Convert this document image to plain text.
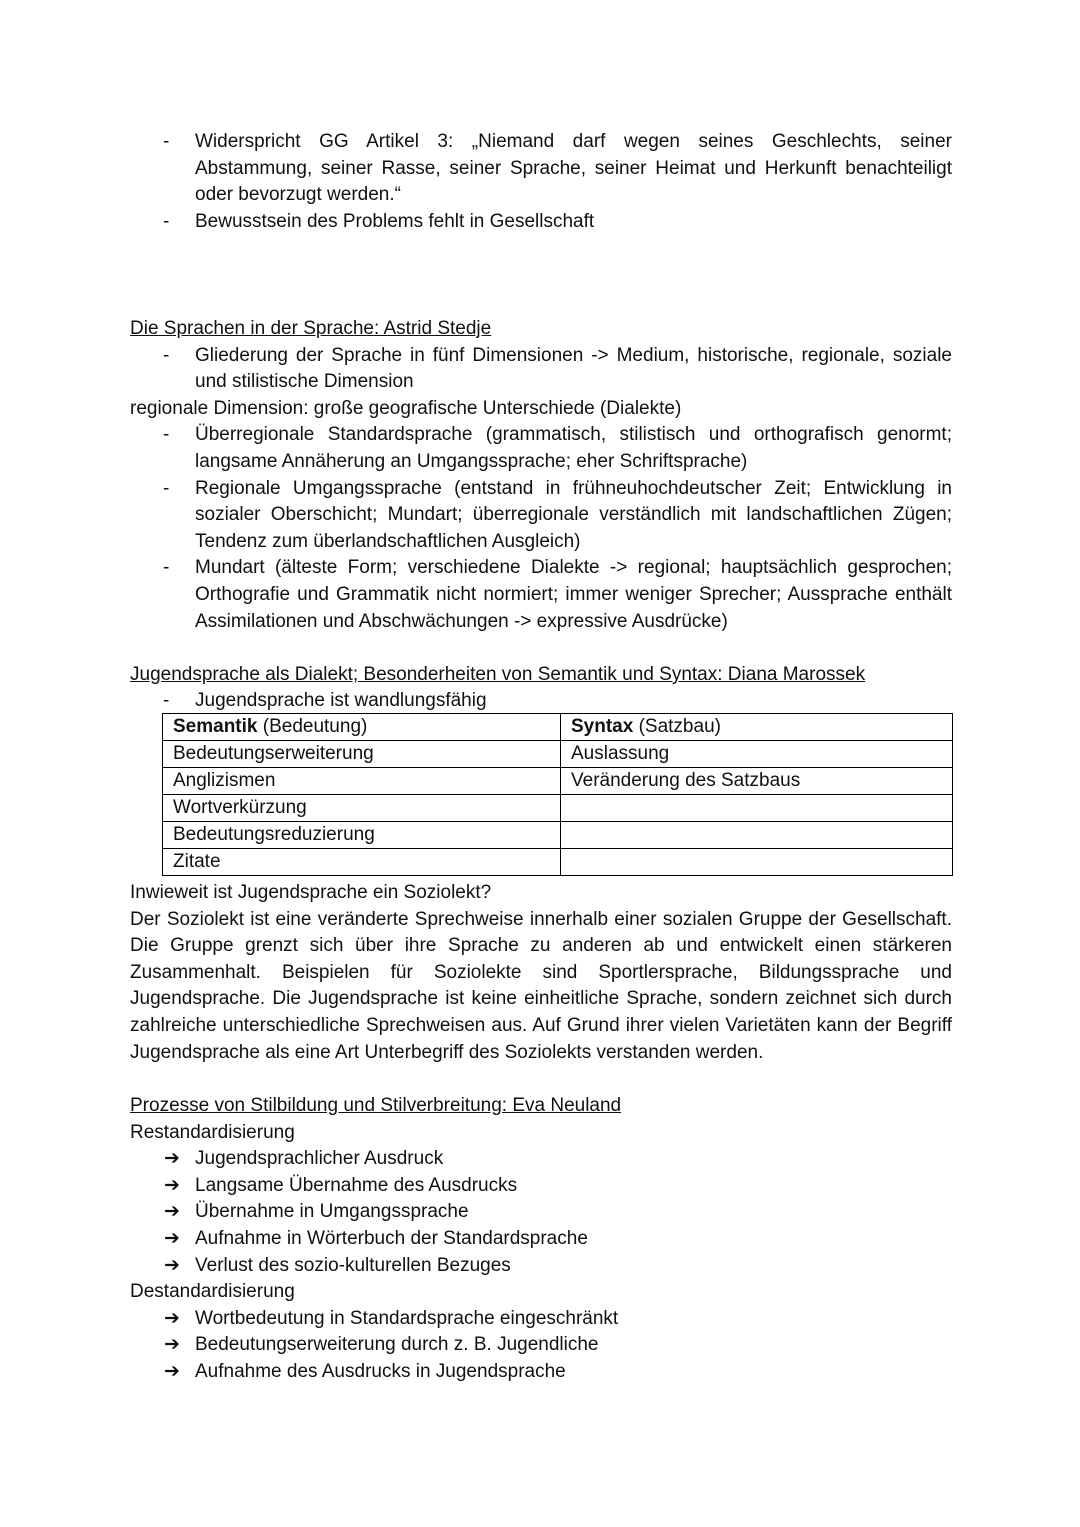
- Widerspricht GG Artikel 3: „Niemand darf wegen seines Geschlechts, seiner Abstammung, seiner Rasse, seiner Sprache, seiner Heimat und Herkunft benachteiligt oder bevorzugt werden.“
- Bewusstsein des Problems fehlt in Gesellschaft

Die Sprachen in der Sprache: Astrid Stedje

- Gliederung der Sprache in fünf Dimensionen -> Medium, historische, regionale, soziale und stilistische Dimension

regionale Dimension: große geografische Unterschiede (Dialekte)

- Überregionale Standardsprache (grammatisch, stilistisch und orthografisch genormt; langsame Annäherung an Umgangssprache; eher Schriftsprache)
- Regionale Umgangssprache (entstand in frühneuhochdeutscher Zeit; Entwicklung in sozialer Oberschicht; Mundart; überregionale verständlich mit landschaftlichen Zügen; Tendenz zum überlandschaftlichen Ausgleich)
- Mundart (älteste Form; verschiedene Dialekte -> regional; hauptsächlich gesprochen; Orthografie und Grammatik nicht normiert; immer weniger Sprecher; Aussprache enthält Assimilationen und Abschwächungen -> expressive Ausdrücke)

Jugendsprache als Dialekt; Besonderheiten von Semantik und Syntax: Diana Marossek

- Jugendsprache ist wandlungsfähig
Semantik (Bedeutung)	Syntax (Satzbau)
Bedeutungserweiterung	Auslassung
Anglizismen	Veränderung des Satzbaus
Wortverkürzung	
Bedeutungsreduzierung	
Zitate	

Inwieweit ist Jugendsprache ein Soziolekt?

Der Soziolekt ist eine veränderte Sprechweise innerhalb einer sozialen Gruppe der Gesellschaft. Die Gruppe grenzt sich über ihre Sprache zu anderen ab und entwickelt einen stärkeren Zusammenhalt. Beispielen für Soziolekte sind Sportlersprache, Bildungssprache und Jugendsprache. Die Jugendsprache ist keine einheitliche Sprache, sondern zeichnet sich durch zahlreiche unterschiedliche Sprechweisen aus. Auf Grund ihrer vielen Varietäten kann der Begriff Jugendsprache als eine Art Unterbegriff des Soziolekts verstanden werden.

Prozesse von Stilbildung und Stilverbreitung: Eva Neuland

Restandardisierung

➔ Jugendsprachlicher Ausdruck
➔ Langsame Übernahme des Ausdrucks
➔ Übernahme in Umgangssprache
➔ Aufnahme in Wörterbuch der Standardsprache
➔ Verlust des sozio-kulturellen Bezuges

Destandardisierung

➔ Wortbedeutung in Standardsprache eingeschränkt
➔ Bedeutungserweiterung durch z. B. Jugendliche
➔ Aufnahme des Ausdrucks in Jugendsprache
